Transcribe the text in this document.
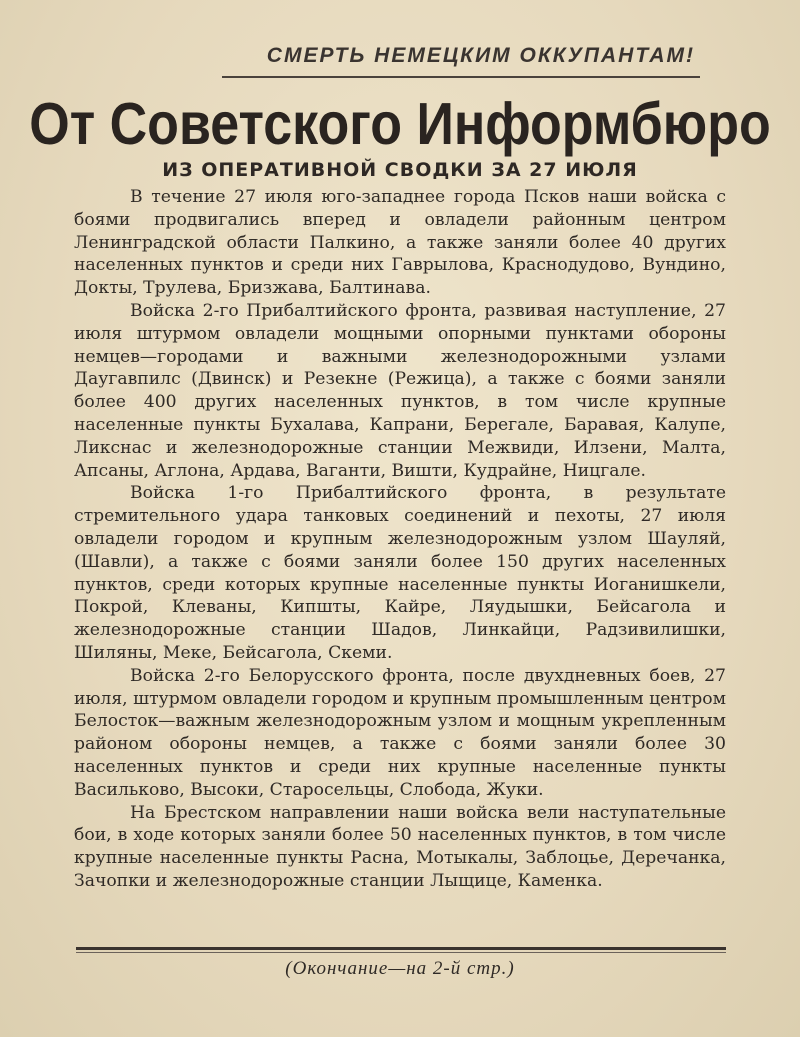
СМЕРТЬ НЕМЕЦКИМ ОККУПАНТАМ!
От Советского Информбюро
ИЗ ОПЕРАТИВНОЙ СВОДКИ ЗА 27 ИЮЛЯ

В течение 27 июля юго-западнее города Псков наши войска с боями продвигались вперед и овладели районным центром Ленинградской области Палкино, а также заняли более 40 других населенных пунктов и среди них Гаврылова, Краснодудово, Вундино, Докты, Трулева, Бризжава, Балтинава.

Войска 2-го Прибалтийского фронта, развивая наступление, 27 июля штурмом овладели мощными опорными пунктами обороны немцев—городами и важными железнодорожными узлами Даугавпилс (Двинск) и Резекне (Режица), а также с боями заняли более 400 других населенных пунктов, в том числе крупные населенные пункты Бухалава, Капрани, Берегале, Баравая, Калупе, Ликснас и железнодорожные станции Межвиди, Илзени, Малта, Апсаны, Аглона, Ардава, Ваганти, Вишти, Кудрайне, Ницгале.

Войска 1-го Прибалтийского фронта, в результате стремительного удара танковых соединений и пехоты, 27 июля овладели городом и крупным железнодорожным узлом Шауляй, (Шавли), а также с боями заняли более 150 других населенных пунктов, среди которых крупные населенные пункты Иоганишкели, Покрой, Клеваны, Кипшты, Кайре, Ляудышки, Бейсагола и железнодорожные станции Шадов, Линкайци, Радзивилишки, Шиляны, Меке, Бейсагола, Скеми.

Войска 2-го Белорусского фронта, после двухдневных боев, 27 июля, штурмом овладели городом и крупным промышленным центром Белосток—важным железнодорожным узлом и мощным укрепленным районом обороны немцев, а также с боями заняли более 30 населенных пунктов и среди них крупные населенные пункты Васильково, Высоки, Старосельцы, Слобода, Жуки.

На Брестском направлении наши войска вели наступательные бои, в ходе которых заняли более 50 населенных пунктов, в том числе крупные населенные пункты Расна, Мотыкалы, Заблоцье, Деречанка, Зачопки и железнодорожные станции Лыщице, Каменка.

(Окончание—на 2-й стр.)
